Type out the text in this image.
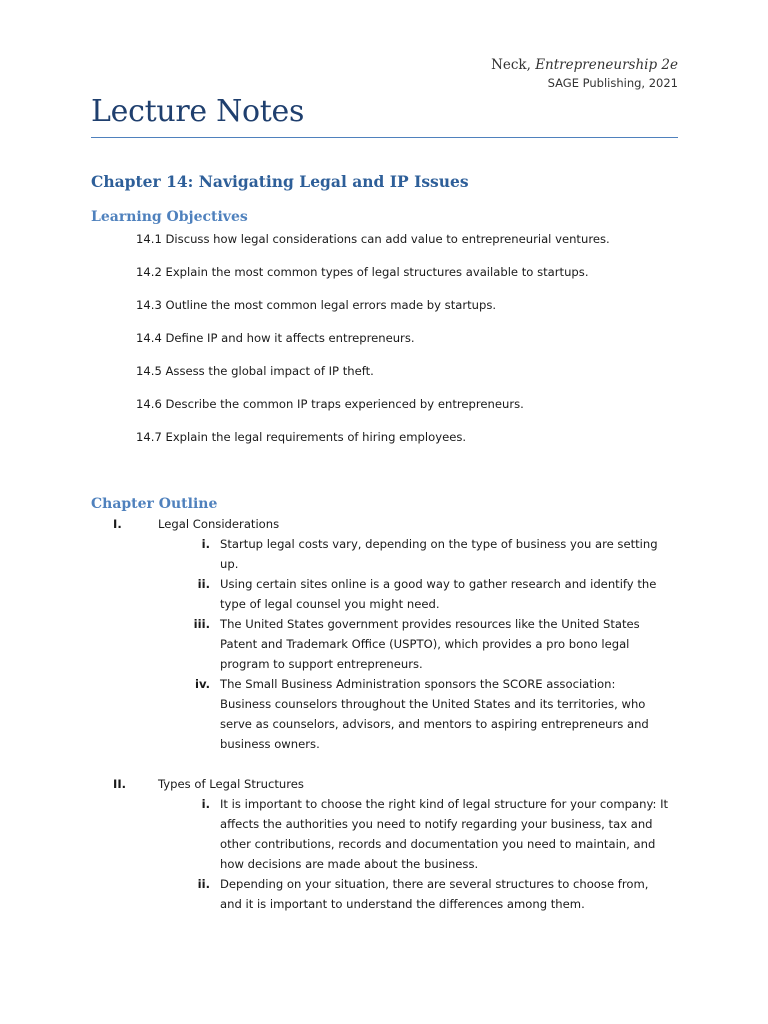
Neck, Entrepreneurship 2e
SAGE Publishing, 2021
Lecture Notes
Chapter 14: Navigating Legal and IP Issues
Learning Objectives
14.1 Discuss how legal considerations can add value to entrepreneurial ventures.
14.2 Explain the most common types of legal structures available to startups.
14.3 Outline the most common legal errors made by startups.
14.4 Define IP and how it affects entrepreneurs.
14.5 Assess the global impact of IP theft.
14.6 Describe the common IP traps experienced by entrepreneurs.
14.7 Explain the legal requirements of hiring employees.
Chapter Outline
I.	Legal Considerations
i. Startup legal costs vary, depending on the type of business you are setting up.
ii. Using certain sites online is a good way to gather research and identify the type of legal counsel you might need.
iii. The United States government provides resources like the United States Patent and Trademark Office (USPTO), which provides a pro bono legal program to support entrepreneurs.
iv. The Small Business Administration sponsors the SCORE association: Business counselors throughout the United States and its territories, who serve as counselors, advisors, and mentors to aspiring entrepreneurs and business owners.
II.	Types of Legal Structures
i. It is important to choose the right kind of legal structure for your company: It affects the authorities you need to notify regarding your business, tax and other contributions, records and documentation you need to maintain, and how decisions are made about the business.
ii. Depending on your situation, there are several structures to choose from, and it is important to understand the differences among them.
